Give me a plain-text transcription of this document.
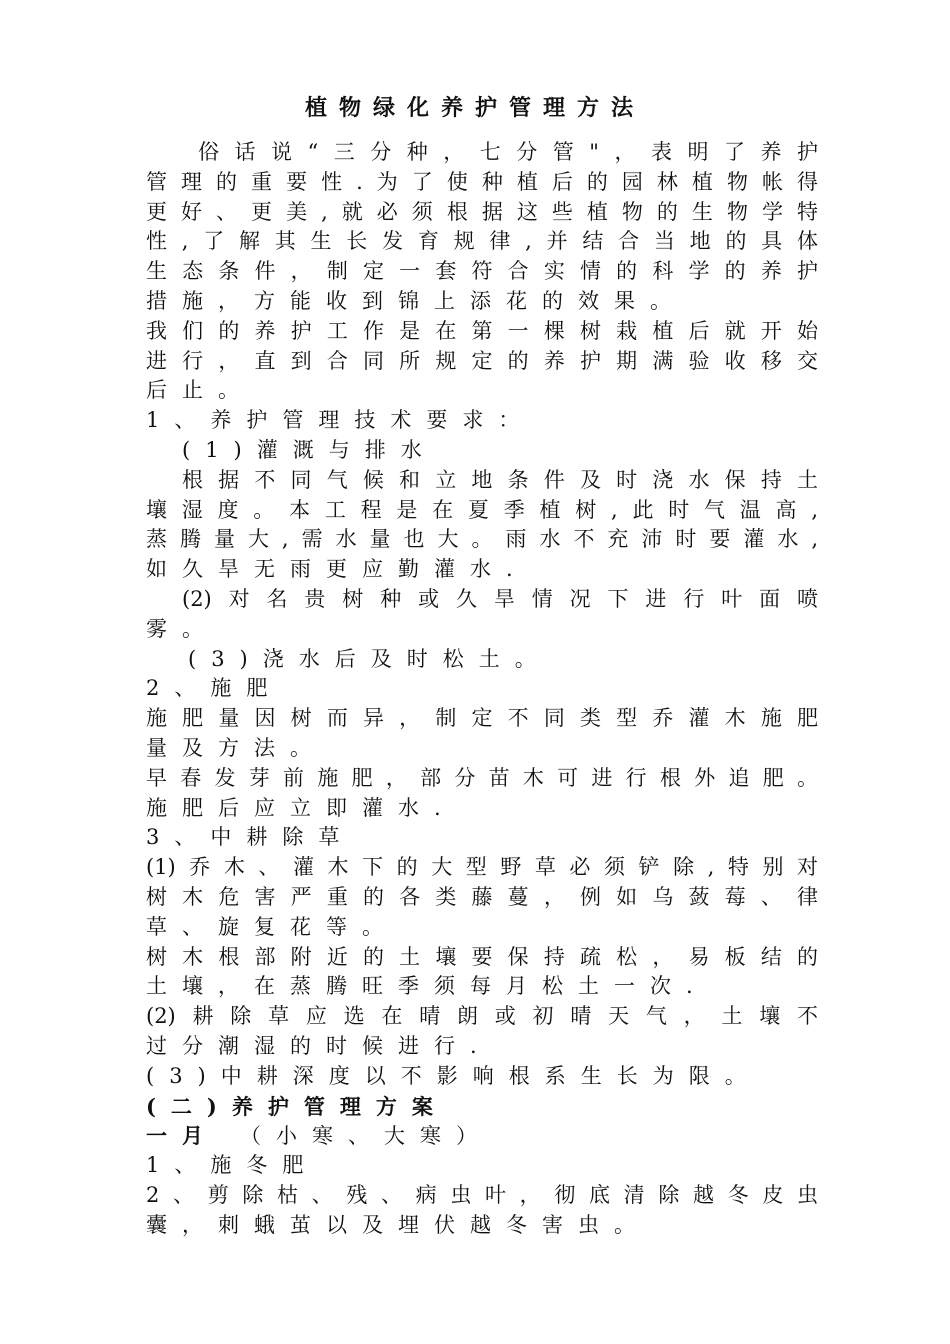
植物绿化养护管理方法
俗话说“三分种，七分管"，表明了养护
管理的重要性.为了使种植后的园林植物帐得
更好、更美,就必须根据这些植物的生物学特
性,了解其生长发育规律,并结合当地的具体
生态条件，制定一套符合实情的科学的养护
措施，方能收到锦上添花的效果。
我们的养护工作是在第一棵树栽植后就开始
进行，直到合同所规定的养护期满验收移交
后止。
1、养护管理技术要求：
(1)灌溉与排水
根据不同气候和立地条件及时浇水保持土
壤湿度。本工程是在夏季植树,此时气温高,
蒸腾量大,需水量也大。雨水不充沛时要灌水,
如久旱无雨更应勤灌水.
(2)对名贵树种或久旱情况下进行叶面喷
雾。
(3)浇水后及时松土。
2、施肥
施肥量因树而异，制定不同类型乔灌木施肥
量及方法。
早春发芽前施肥，部分苗木可进行根外追肥。
施肥后应立即灌水.
3、中耕除草
(1)乔木、灌木下的大型野草必须铲除,特别对
树木危害严重的各类藤蔓，例如乌蔹莓、律
草、旋复花等。
树木根部附近的土壤要保持疏松，易板结的
土壤，在蒸腾旺季须每月松土一次.
(2)耕除草应选在晴朗或初晴天气，土壤不
过分潮湿的时候进行.
(3)中耕深度以不影响根系生长为限。
(二)养护管理方案
一月 （小寒、大寒）
1、施冬肥
2、剪除枯、残、病虫叶，彻底清除越冬皮虫
囊，刺蛾茧以及埋伏越冬害虫。
